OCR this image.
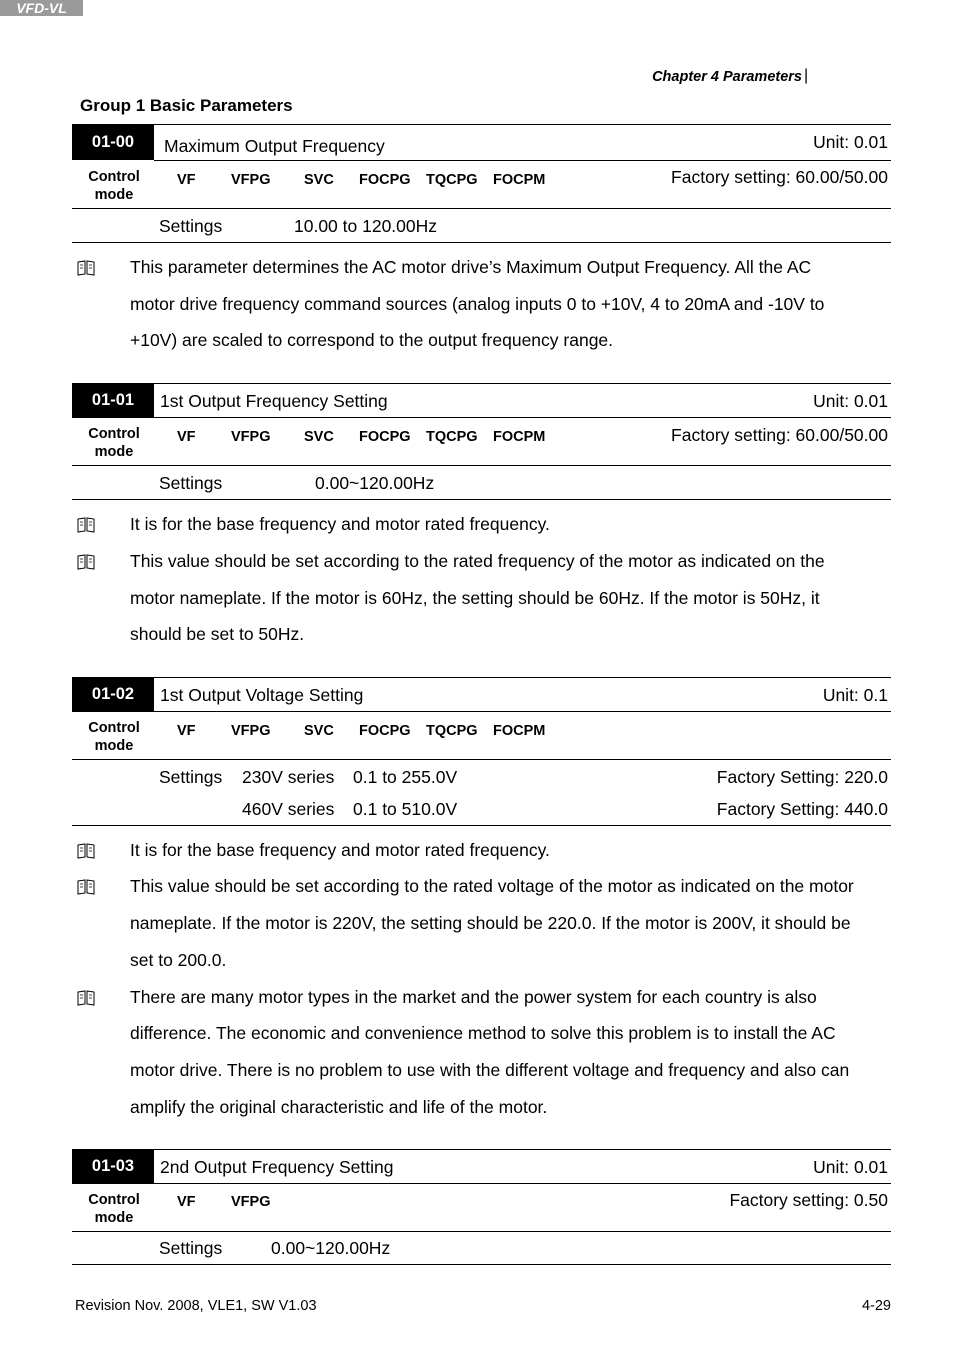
Chapter 4 Parameters |
VFD-VL
Group 1 Basic Parameters
01-00	Maximum Output Frequency	Unit: 0.01
Control
mode
VF VFPG SVC FOCPG TQCPG FOCPM	Factory setting: 60.00/50.00
Settings	10.00 to 120.00Hz
This parameter determines the AC motor drive’s Maximum Output Frequency. All the AC
motor drive frequency command sources (analog inputs 0 to +10V, 4 to 20mA and -10V to
+10V) are scaled to correspond to the output frequency range.
01-01	1st Output Frequency Setting	Unit: 0.01
Control
mode
VF VFPG SVC FOCPG TQCPG FOCPM	Factory setting: 60.00/50.00
Settings	0.00~120.00Hz
It is for the base frequency and motor rated frequency.
This value should be set according to the rated frequency of the motor as indicated on the
motor nameplate. If the motor is 60Hz, the setting should be 60Hz. If the motor is 50Hz, it
should be set to 50Hz.
01-02	1st Output Voltage Setting	Unit: 0.1
Control
mode
VF VFPG SVC FOCPG TQCPG FOCPM
Settings 230V series 0.1 to 255.0V	Factory Setting: 220.0
460V series 0.1 to 510.0V	Factory Setting: 440.0
It is for the base frequency and motor rated frequency.
This value should be set according to the rated voltage of the motor as indicated on the motor
nameplate. If the motor is 220V, the setting should be 220.0. If the motor is 200V, it should be
set to 200.0.
There are many motor types in the market and the power system for each country is also
difference. The economic and convenience method to solve this problem is to install the AC
motor drive. There is no problem to use with the different voltage and frequency and also can
amplify the original characteristic and life of the motor.
01-03	2nd Output Frequency Setting	Unit: 0.01
Control
mode
VF VFPG	Factory setting: 0.50
Settings	0.00~120.00Hz
Revision Nov. 2008, VLE1, SW V1.03	4-29
